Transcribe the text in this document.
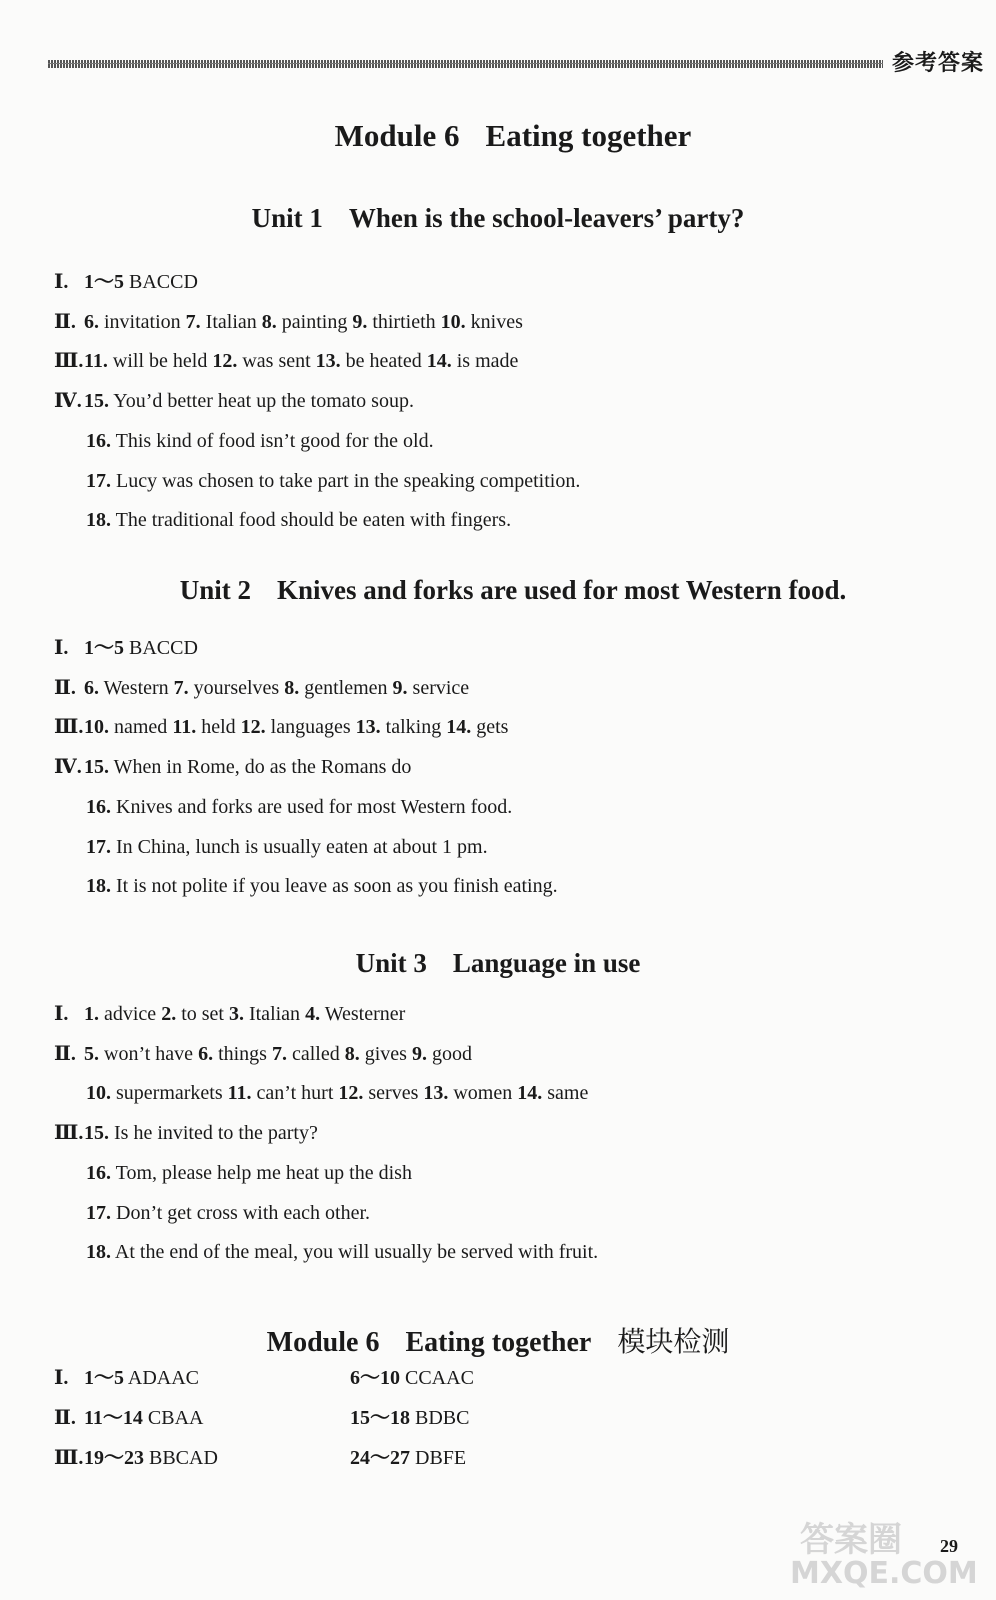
参考答案
Module 6 Eating together
Unit 1 When is the school-leavers’ party?
Ⅰ. 1～5 BACCD
Ⅱ. 6. invitation 7. Italian 8. painting 9. thirtieth 10. knives
Ⅲ.11. will be held 12. was sent 13. be heated 14. is made
Ⅳ. 15. You’d better heat up the tomato soup.
16. This kind of food isn’t good for the old.
17. Lucy was chosen to take part in the speaking competition.
18. The traditional food should be eaten with fingers.
Unit 2 Knives and forks are used for most Western food.
Ⅰ. 1～5 BACCD
Ⅱ. 6. Western 7. yourselves 8. gentlemen 9. service
Ⅲ.10. named 11. held 12. languages 13. talking 14. gets
Ⅳ. 15. When in Rome, do as the Romans do
16. Knives and forks are used for most Western food.
17. In China, lunch is usually eaten at about 1 pm.
18. It is not polite if you leave as soon as you finish eating.
Unit 3 Language in use
Ⅰ. 1. advice 2. to set 3. Italian 4. Westerner
Ⅱ. 5. won’t have 6. things 7. called 8. gives 9. good
10. supermarkets 11. can’t hurt 12. serves 13. women 14. same
Ⅲ.15. Is he invited to the party?
16. Tom, please help me heat up the dish
17. Don’t get cross with each other.
18. At the end of the meal, you will usually be served with fruit.
Module 6 Eating together 模块检测
Ⅰ. 1～5 ADAAC	6～10 CCAAC
Ⅱ. 11～14 CBAA	15～18 BDBC
Ⅲ.19～23 BBCAD	24～27 DBFE
29
答案圈
MXQE.COM
